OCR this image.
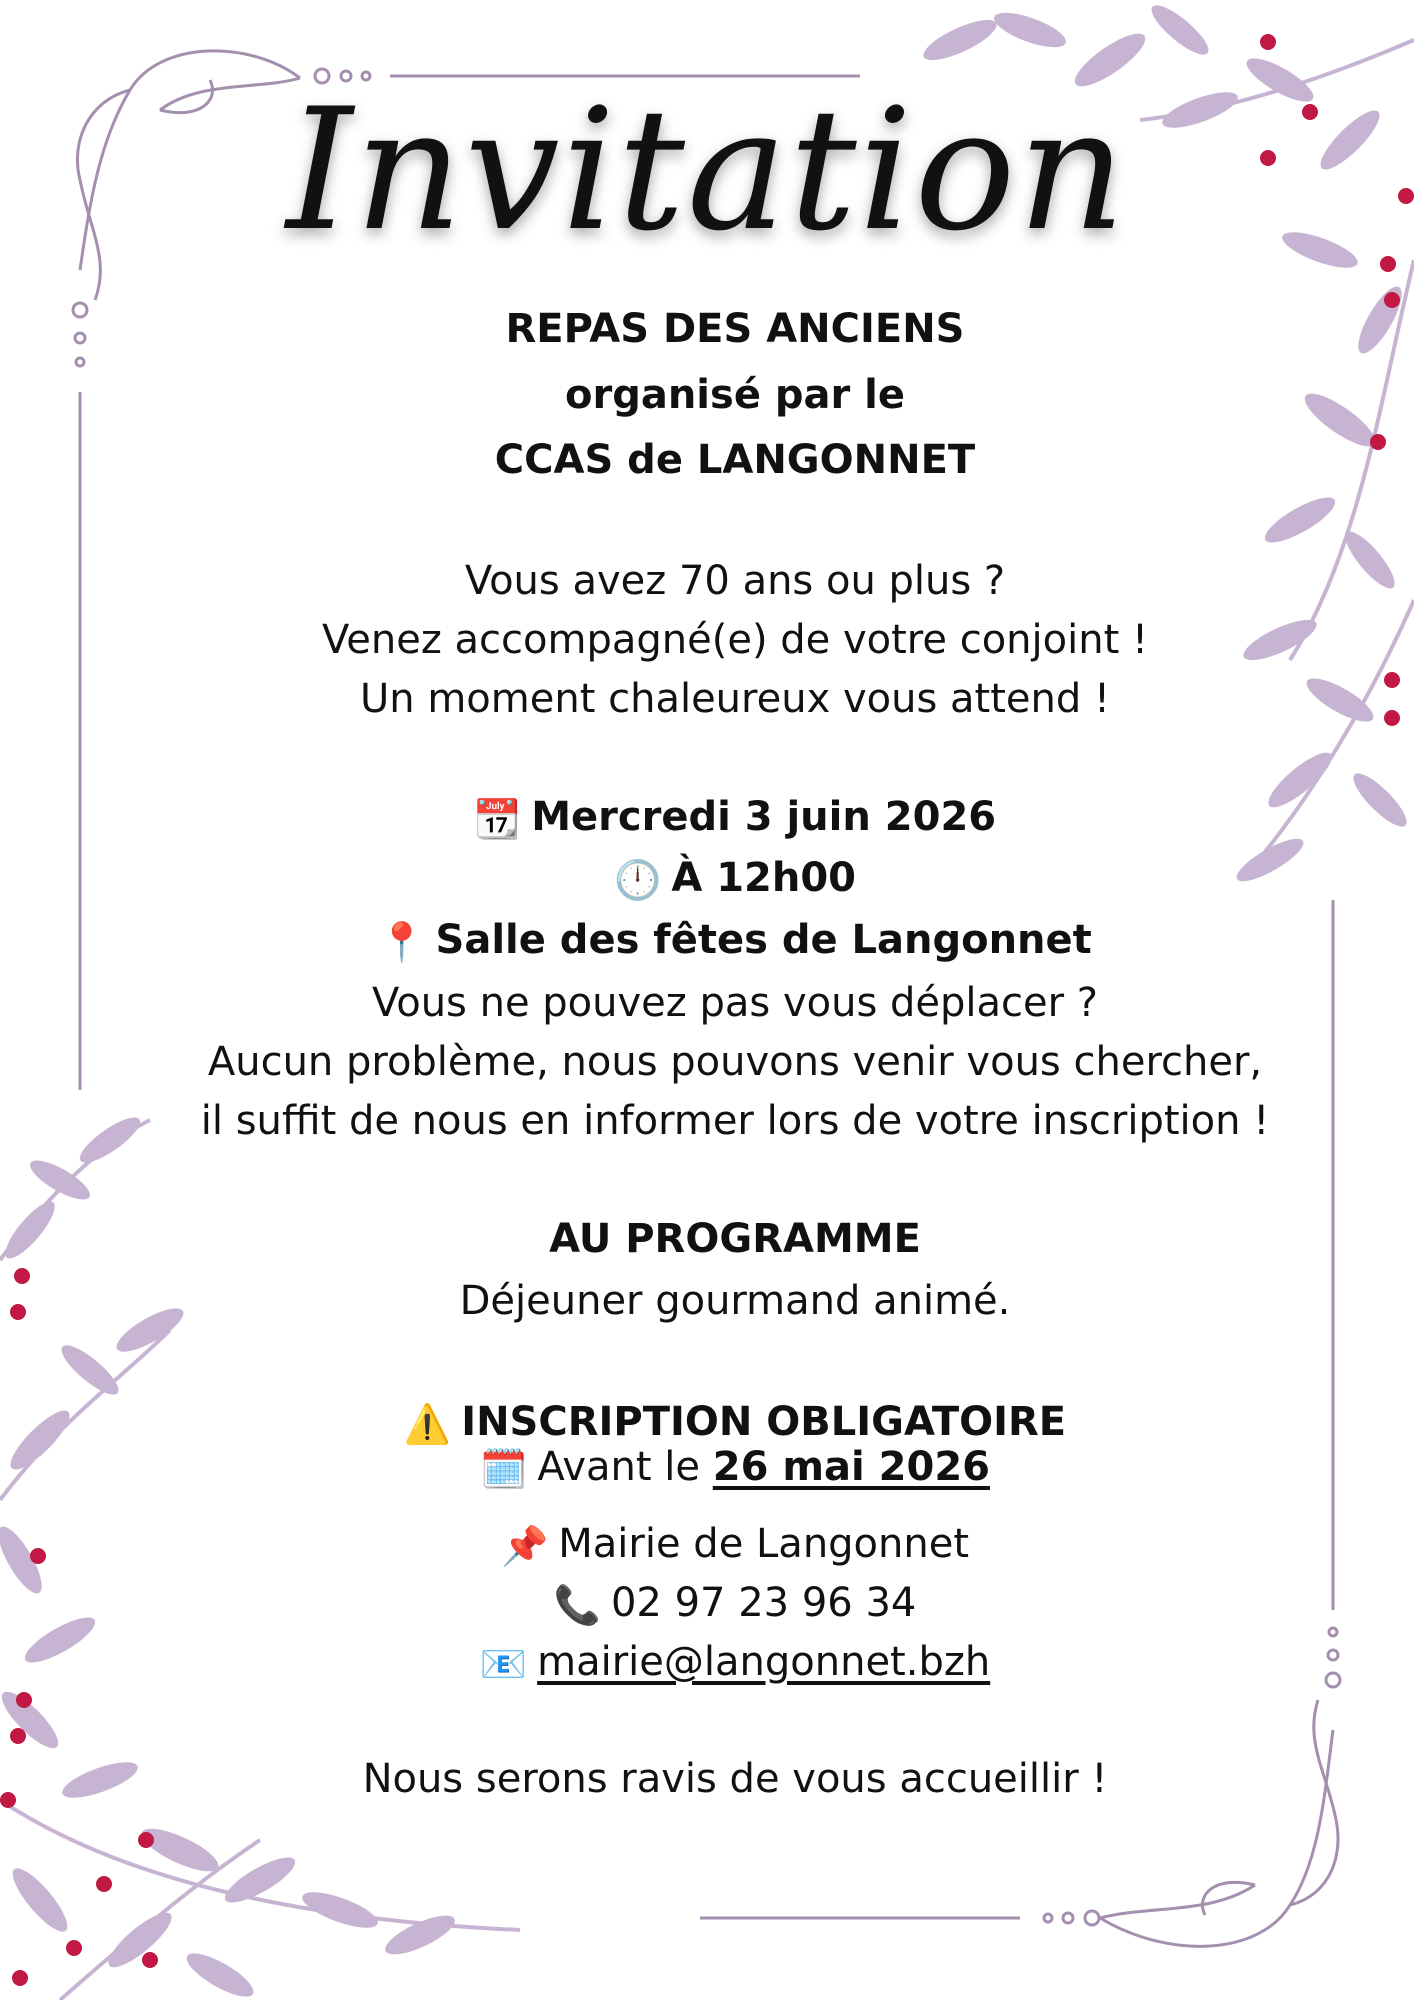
Invitation
REPAS DES ANCIENS
organisé par le
CCAS de LANGONNET
Vous avez 70 ans ou plus ?
Venez accompagné(e) de votre conjoint !
Un moment chaleureux vous attend !
📆 Mercredi 3 juin 2026
🕛 À 12h00
📍 Salle des fêtes de Langonnet
Vous ne pouvez pas vous déplacer ?
Aucun problème, nous pouvons venir vous chercher,
il suffit de nous en informer lors de votre inscription !
AU PROGRAMME
Déjeuner gourmand animé.
⚠️ INSCRIPTION OBLIGATOIRE
🗓️ Avant le 26 mai 2026
📌 Mairie de Langonnet
📞 02 97 23 96 34
📧 mairie@langonnet.bzh
Nous serons ravis de vous accueillir !
